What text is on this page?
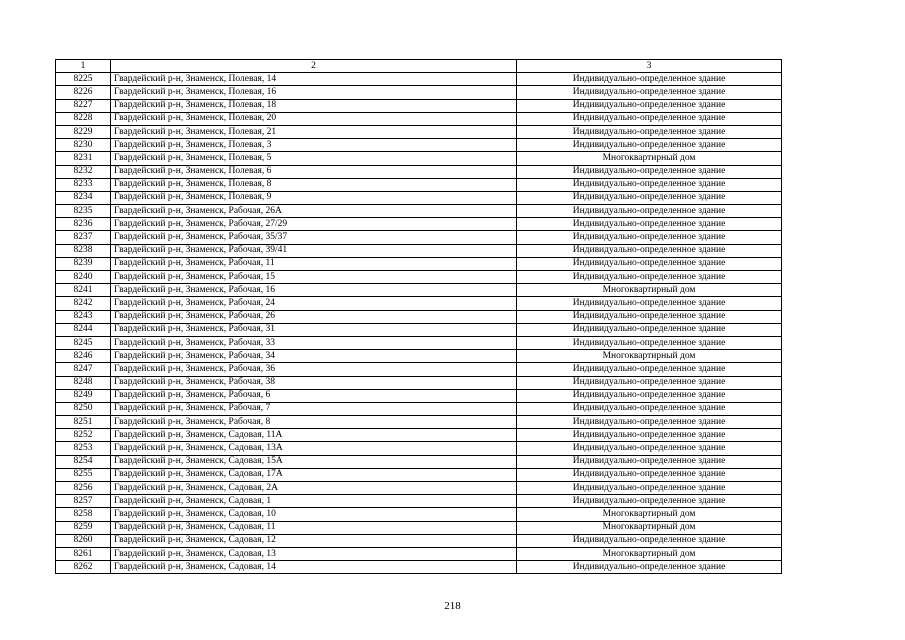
1	2	3
8225	Гвардейский р-н, Знаменск, Полевая, 14	Индивидуально-определенное здание
8226	Гвардейский р-н, Знаменск, Полевая, 16	Индивидуально-определенное здание
8227	Гвардейский р-н, Знаменск, Полевая, 18	Индивидуально-определенное здание
8228	Гвардейский р-н, Знаменск, Полевая, 20	Индивидуально-определенное здание
8229	Гвардейский р-н, Знаменск, Полевая, 21	Индивидуально-определенное здание
8230	Гвардейский р-н, Знаменск, Полевая, 3	Индивидуально-определенное здание
8231	Гвардейский р-н, Знаменск, Полевая, 5	Многоквартирный дом
8232	Гвардейский р-н, Знаменск, Полевая, 6	Индивидуально-определенное здание
8233	Гвардейский р-н, Знаменск, Полевая, 8	Индивидуально-определенное здание
8234	Гвардейский р-н, Знаменск, Полевая, 9	Индивидуально-определенное здание
8235	Гвардейский р-н, Знаменск, Рабочая, 26А	Индивидуально-определенное здание
8236	Гвардейский р-н, Знаменск, Рабочая, 27/29	Индивидуально-определенное здание
8237	Гвардейский р-н, Знаменск, Рабочая, 35/37	Индивидуально-определенное здание
8238	Гвардейский р-н, Знаменск, Рабочая, 39/41	Индивидуально-определенное здание
8239	Гвардейский р-н, Знаменск, Рабочая, 11	Индивидуально-определенное здание
8240	Гвардейский р-н, Знаменск, Рабочая, 15	Индивидуально-определенное здание
8241	Гвардейский р-н, Знаменск, Рабочая, 16	Многоквартирный дом
8242	Гвардейский р-н, Знаменск, Рабочая, 24	Индивидуально-определенное здание
8243	Гвардейский р-н, Знаменск, Рабочая, 26	Индивидуально-определенное здание
8244	Гвардейский р-н, Знаменск, Рабочая, 31	Индивидуально-определенное здание
8245	Гвардейский р-н, Знаменск, Рабочая, 33	Индивидуально-определенное здание
8246	Гвардейский р-н, Знаменск, Рабочая, 34	Многоквартирный дом
8247	Гвардейский р-н, Знаменск, Рабочая, 36	Индивидуально-определенное здание
8248	Гвардейский р-н, Знаменск, Рабочая, 38	Индивидуально-определенное здание
8249	Гвардейский р-н, Знаменск, Рабочая, 6	Индивидуально-определенное здание
8250	Гвардейский р-н, Знаменск, Рабочая, 7	Индивидуально-определенное здание
8251	Гвардейский р-н, Знаменск, Рабочая, 8	Индивидуально-определенное здание
8252	Гвардейский р-н, Знаменск, Садовая, 11А	Индивидуально-определенное здание
8253	Гвардейский р-н, Знаменск, Садовая, 13А	Индивидуально-определенное здание
8254	Гвардейский р-н, Знаменск, Садовая, 15А	Индивидуально-определенное здание
8255	Гвардейский р-н, Знаменск, Садовая, 17А	Индивидуально-определенное здание
8256	Гвардейский р-н, Знаменск, Садовая, 2А	Индивидуально-определенное здание
8257	Гвардейский р-н, Знаменск, Садовая, 1	Индивидуально-определенное здание
8258	Гвардейский р-н, Знаменск, Садовая, 10	Многоквартирный дом
8259	Гвардейский р-н, Знаменск, Садовая, 11	Многоквартирный дом
8260	Гвардейский р-н, Знаменск, Садовая, 12	Индивидуально-определенное здание
8261	Гвардейский р-н, Знаменск, Садовая, 13	Многоквартирный дом
8262	Гвардейский р-н, Знаменск, Садовая, 14	Индивидуально-определенное здание
218
